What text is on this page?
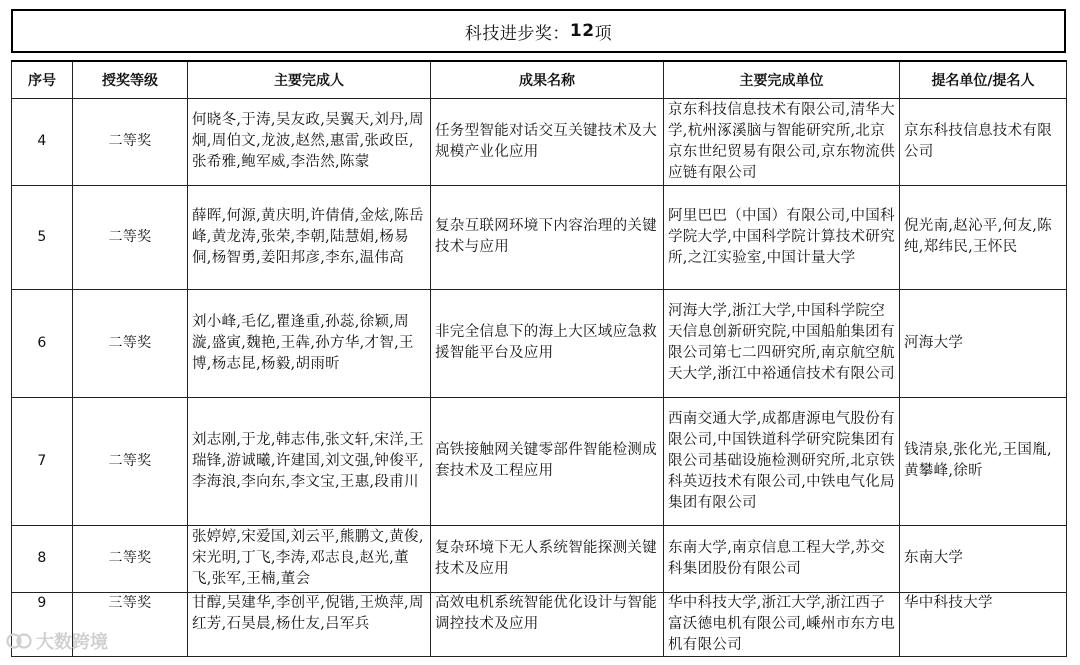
科技进步奖： 12 项
序号	授奖等级	主要完成人	成果名称	主要完成单位	提名单位/提名人
4	二等奖	何晓冬,于涛,吴友政,吴翼天,刘丹,周炯,周伯文,龙波,赵然,惠雷,张政臣,张希雅,鲍军威,李浩然,陈蒙	任务型智能对话交互关键技术及大规模产业化应用	京东科技信息技术有限公司,清华大学,杭州涿溪脑与智能研究所,北京京东世纪贸易有限公司,京东物流供应链有限公司	京东科技信息技术有限公司
5	二等奖	薛晖,何源,黄庆明,许倩倩,金炫,陈岳峰,黄龙涛,张荣,李朝,陆慧娟,杨易侗,杨智勇,姜阳邦彦,李东,温伟高	复杂互联网环境下内容治理的关键技术与应用	阿里巴巴（中国）有限公司,中国科学院大学,中国科学院计算技术研究所,之江实验室,中国计量大学	倪光南,赵沁平,何友,陈纯,郑纬民,王怀民
6	二等奖	刘小峰,毛亿,瞿逢重,孙蕊,徐颖,周漩,盛寅,魏艳,王犇,孙方华,才智,王博,杨志昆,杨毅,胡雨昕	非完全信息下的海上大区域应急救援智能平台及应用	河海大学,浙江大学,中国科学院空天信息创新研究院,中国船舶集团有限公司第七二四研究所,南京航空航天大学,浙江中裕通信技术有限公司	河海大学
7	二等奖	刘志刚,于龙,韩志伟,张文轩,宋洋,王瑞锋,游诚曦,许建国,刘文强,钟俊平,李海浪,李向东,李文宝,王惠,段甫川	高铁接触网关键零部件智能检测成套技术及工程应用	西南交通大学,成都唐源电气股份有限公司,中国铁道科学研究院集团有限公司基础设施检测研究所,北京铁科英迈技术有限公司,中铁电气化局集团有限公司	钱清泉,张化光,王国胤,黄攀峰,徐昕
8	二等奖	张婷婷,宋爱国,刘云平,熊鹏文,黄俊,宋光明,丁飞,李涛,邓志良,赵光,董飞,张军,王楠,董会	复杂环境下无人系统智能探测关键技术及应用	东南大学,南京信息工程大学,苏交科集团股份有限公司	东南大学
9	三等奖	甘醇,吴建华,李创平,倪锴,王焕萍,周红芳,石昊晨,杨仕友,吕军兵	高效电机系统智能优化设计与智能调控技术及应用	华中科技大学,浙江大学,浙江西子富沃德电机有限公司,嵊州市东方电机有限公司	华中科技大学
大数跨境
